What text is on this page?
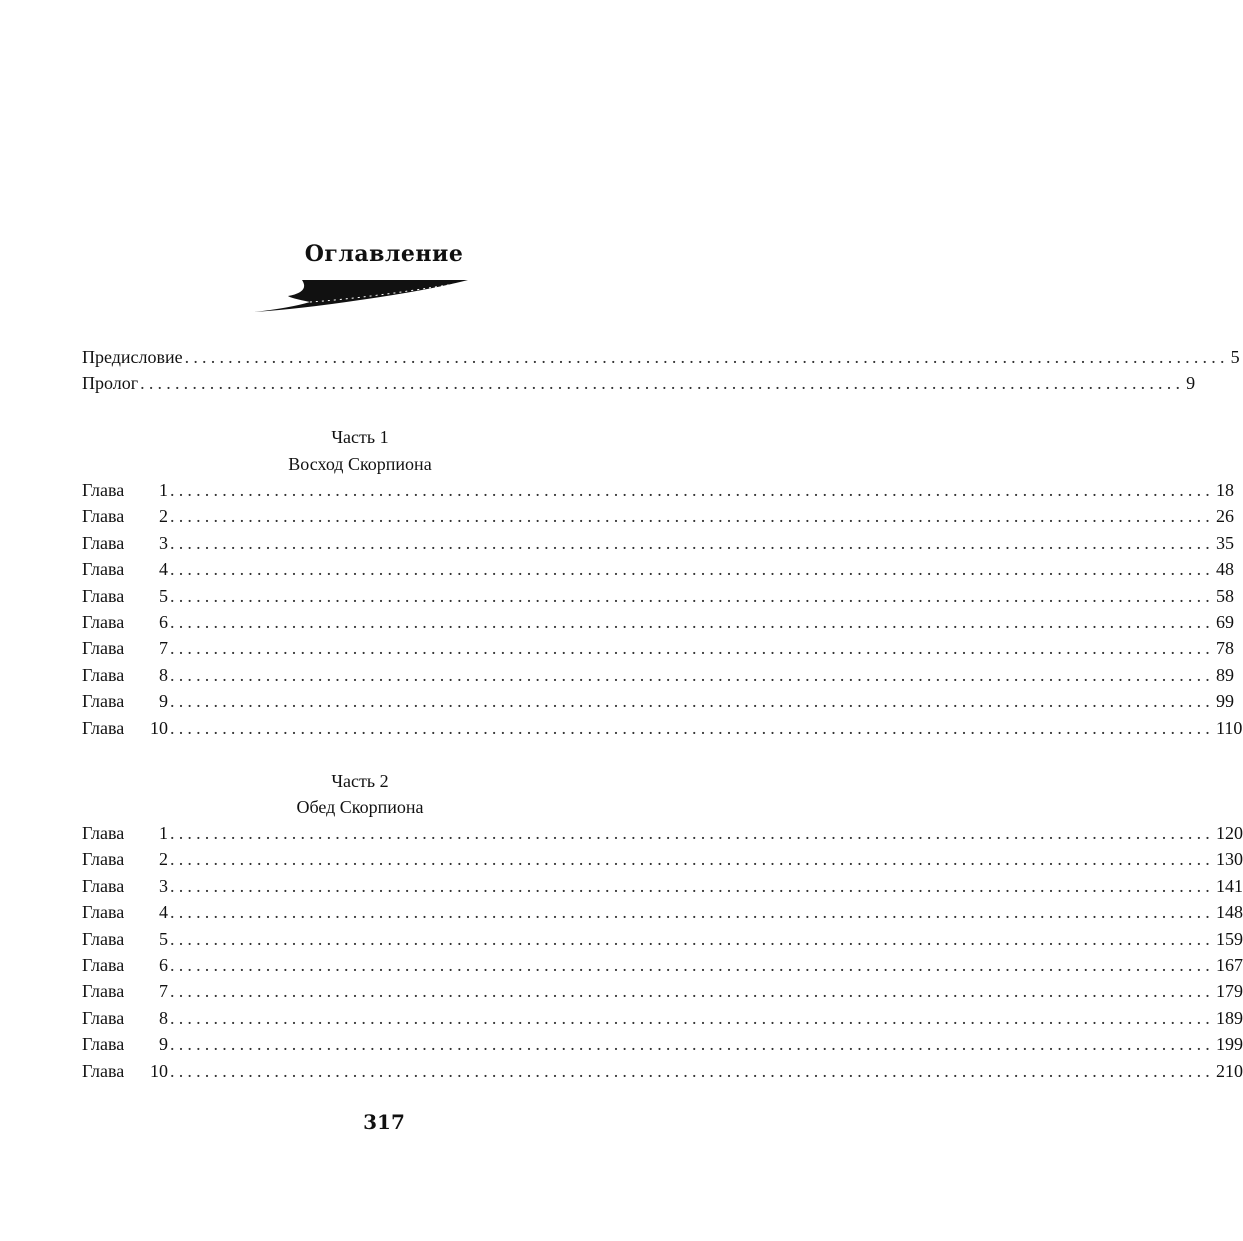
Оглавление
Предисловие ........................................................................................................................ 5
Пролог ........................................................................................................................ 9
Часть 1
Восход Скорпиона
Глава 1 ........................................................................................................................ 18
Глава 2 ........................................................................................................................ 26
Глава 3 ........................................................................................................................ 35
Глава 4 ........................................................................................................................ 48
Глава 5 ........................................................................................................................ 58
Глава 6 ........................................................................................................................ 69
Глава 7 ........................................................................................................................ 78
Глава 8 ........................................................................................................................ 89
Глава 9 ........................................................................................................................ 99
Глава 10 ........................................................................................................................ 110
Часть 2
Обед Скорпиона
Глава 1 ........................................................................................................................ 120
Глава 2 ........................................................................................................................ 130
Глава 3 ........................................................................................................................ 141
Глава 4 ........................................................................................................................ 148
Глава 5 ........................................................................................................................ 159
Глава 6 ........................................................................................................................ 167
Глава 7 ........................................................................................................................ 179
Глава 8 ........................................................................................................................ 189
Глава 9 ........................................................................................................................ 199
Глава 10 ........................................................................................................................ 210
317
